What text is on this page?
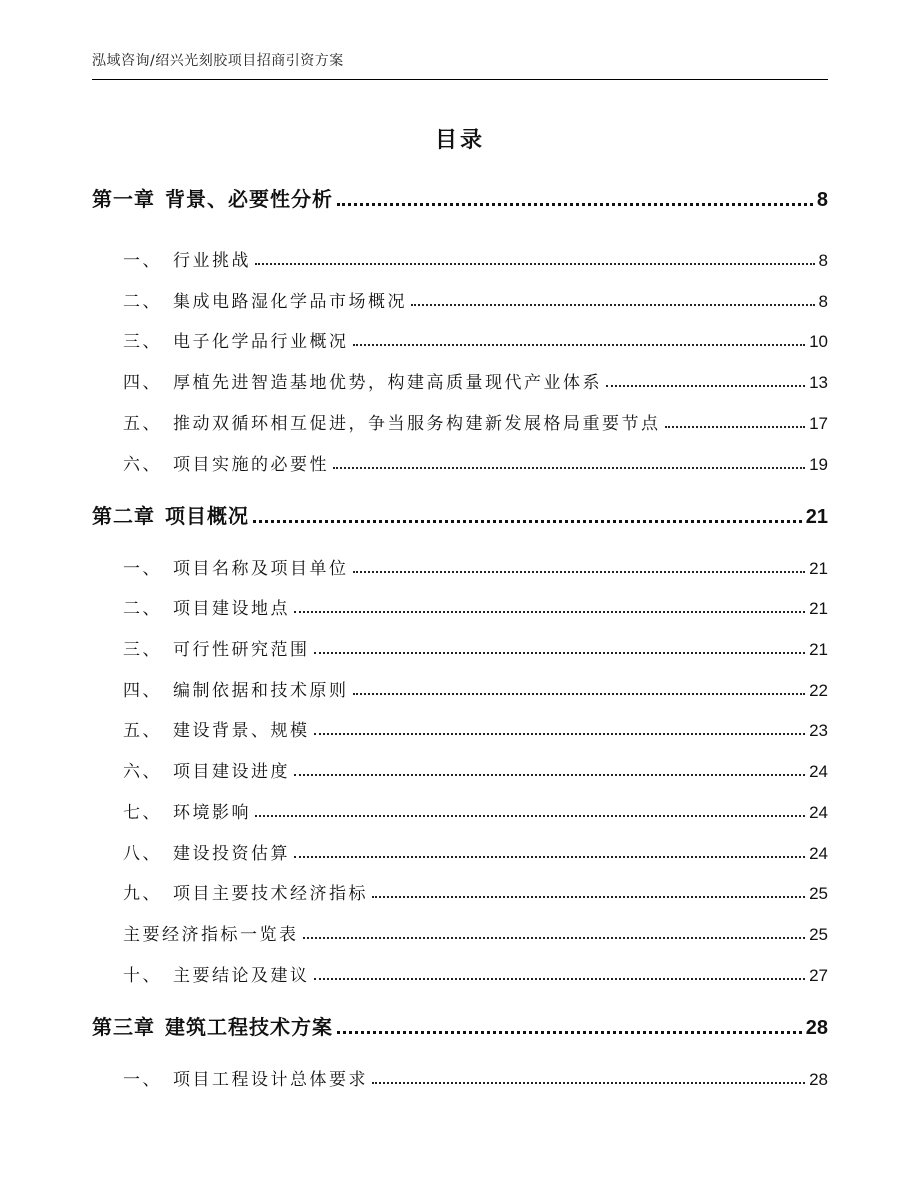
泓域咨询/绍兴光刻胶项目招商引资方案
目录
第一章 背景、必要性分析	8
一、 行业挑战	8
二、 集成电路湿化学品市场概况	8
三、 电子化学品行业概况	10
四、 厚植先进智造基地优势，构建高质量现代产业体系	13
五、 推动双循环相互促进，争当服务构建新发展格局重要节点	17
六、 项目实施的必要性	19
第二章 项目概况	21
一、 项目名称及项目单位	21
二、 项目建设地点	21
三、 可行性研究范围	21
四、 编制依据和技术原则	22
五、 建设背景、规模	23
六、 项目建设进度	24
七、 环境影响	24
八、 建设投资估算	24
九、 项目主要技术经济指标	25
主要经济指标一览表	25
十、 主要结论及建议	27
第三章 建筑工程技术方案	28
一、 项目工程设计总体要求	28
